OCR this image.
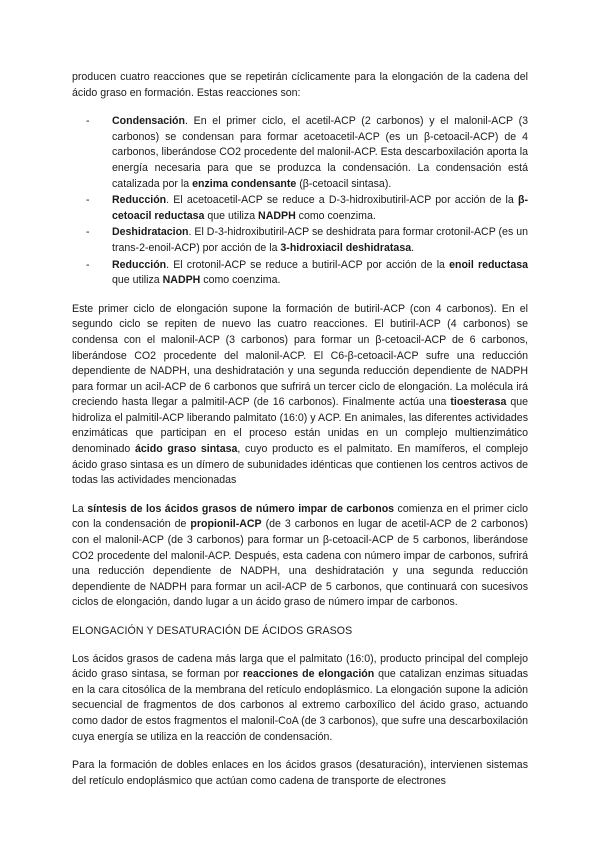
producen cuatro reacciones que se repetirán cíclicamente para la elongación de la cadena del ácido graso en formación. Estas reacciones son:

- Condensación. En el primer ciclo, el acetil-ACP (2 carbonos) y el malonil-ACP (3 carbonos) se condensan para formar acetoacetil-ACP (es un β-cetoacil-ACP) de 4 carbonos, liberándose CO2 procedente del malonil-ACP. Esta descarboxilación aporta la energía necesaria para que se produzca la condensación. La condensación está catalizada por la enzima condensante (β-cetoacil sintasa).

- Reducción. El acetoacetil-ACP se reduce a D-3-hidroxibutiril-ACP por acción de la β-cetoacil reductasa que utiliza NADPH como coenzima.

- Deshidratacion. El D-3-hidroxibutiril-ACP se deshidrata para formar crotonil-ACP (es un trans-2-enoil-ACP) por acción de la 3-hidroxiacil deshidratasa.

- Reducción. El crotonil-ACP se reduce a butiril-ACP por acción de la enoil reductasa que utiliza NADPH como coenzima.

Este primer ciclo de elongación supone la formación de butiril-ACP (con 4 carbonos). En el segundo ciclo se repiten de nuevo las cuatro reacciones. El butiril-ACP (4 carbonos) se condensa con el malonil-ACP (3 carbonos) para formar un β-cetoacil-ACP de 6 carbonos, liberándose CO2 procedente del malonil-ACP. El C6-β-cetoacil-ACP sufre una reducción dependiente de NADPH, una deshidratación y una segunda reducción dependiente de NADPH para formar un acil-ACP de 6 carbonos que sufrirá un tercer ciclo de elongación. La molécula irá creciendo hasta llegar a palmitil-ACP (de 16 carbonos). Finalmente actúa una tioesterasa que hidroliza el palmitil-ACP liberando palmitato (16:0) y ACP. En animales, las diferentes actividades enzimáticas que participan en el proceso están unidas en un complejo multienzimático denominado ácido graso sintasa, cuyo producto es el palmitato. En mamíferos, el complejo ácido graso sintasa es un dímero de subunidades idénticas que contienen los centros activos de todas las actividades mencionadas

La síntesis de los ácidos grasos de número impar de carbonos comienza en el primer ciclo con la condensación de propionil-ACP (de 3 carbonos en lugar de acetil-ACP de 2 carbonos) con el malonil-ACP (de 3 carbonos) para formar un β-cetoacil-ACP de 5 carbonos, liberándose CO2 procedente del malonil-ACP. Después, esta cadena con número impar de carbonos, sufrirá una reducción dependiente de NADPH, una deshidratación y una segunda reducción dependiente de NADPH para formar un acil-ACP de 5 carbonos, que continuará con sucesivos ciclos de elongación, dando lugar a un ácido graso de número impar de carbonos.

ELONGACIÓN Y DESATURACIÓN DE ÁCIDOS GRASOS

Los ácidos grasos de cadena más larga que el palmitato (16:0), producto principal del complejo ácido graso sintasa, se forman por reacciones de elongación que catalizan enzimas situadas en la cara citosólica de la membrana del retículo endoplásmico. La elongación supone la adición secuencial de fragmentos de dos carbonos al extremo carboxílico del ácido graso, actuando como dador de estos fragmentos el malonil-CoA (de 3 carbonos), que sufre una descarboxilación cuya energía se utiliza en la reacción de condensación.

Para la formación de dobles enlaces en los ácidos grasos (desaturación), intervienen sistemas del retículo endoplásmico que actúan como cadena de transporte de electrones
